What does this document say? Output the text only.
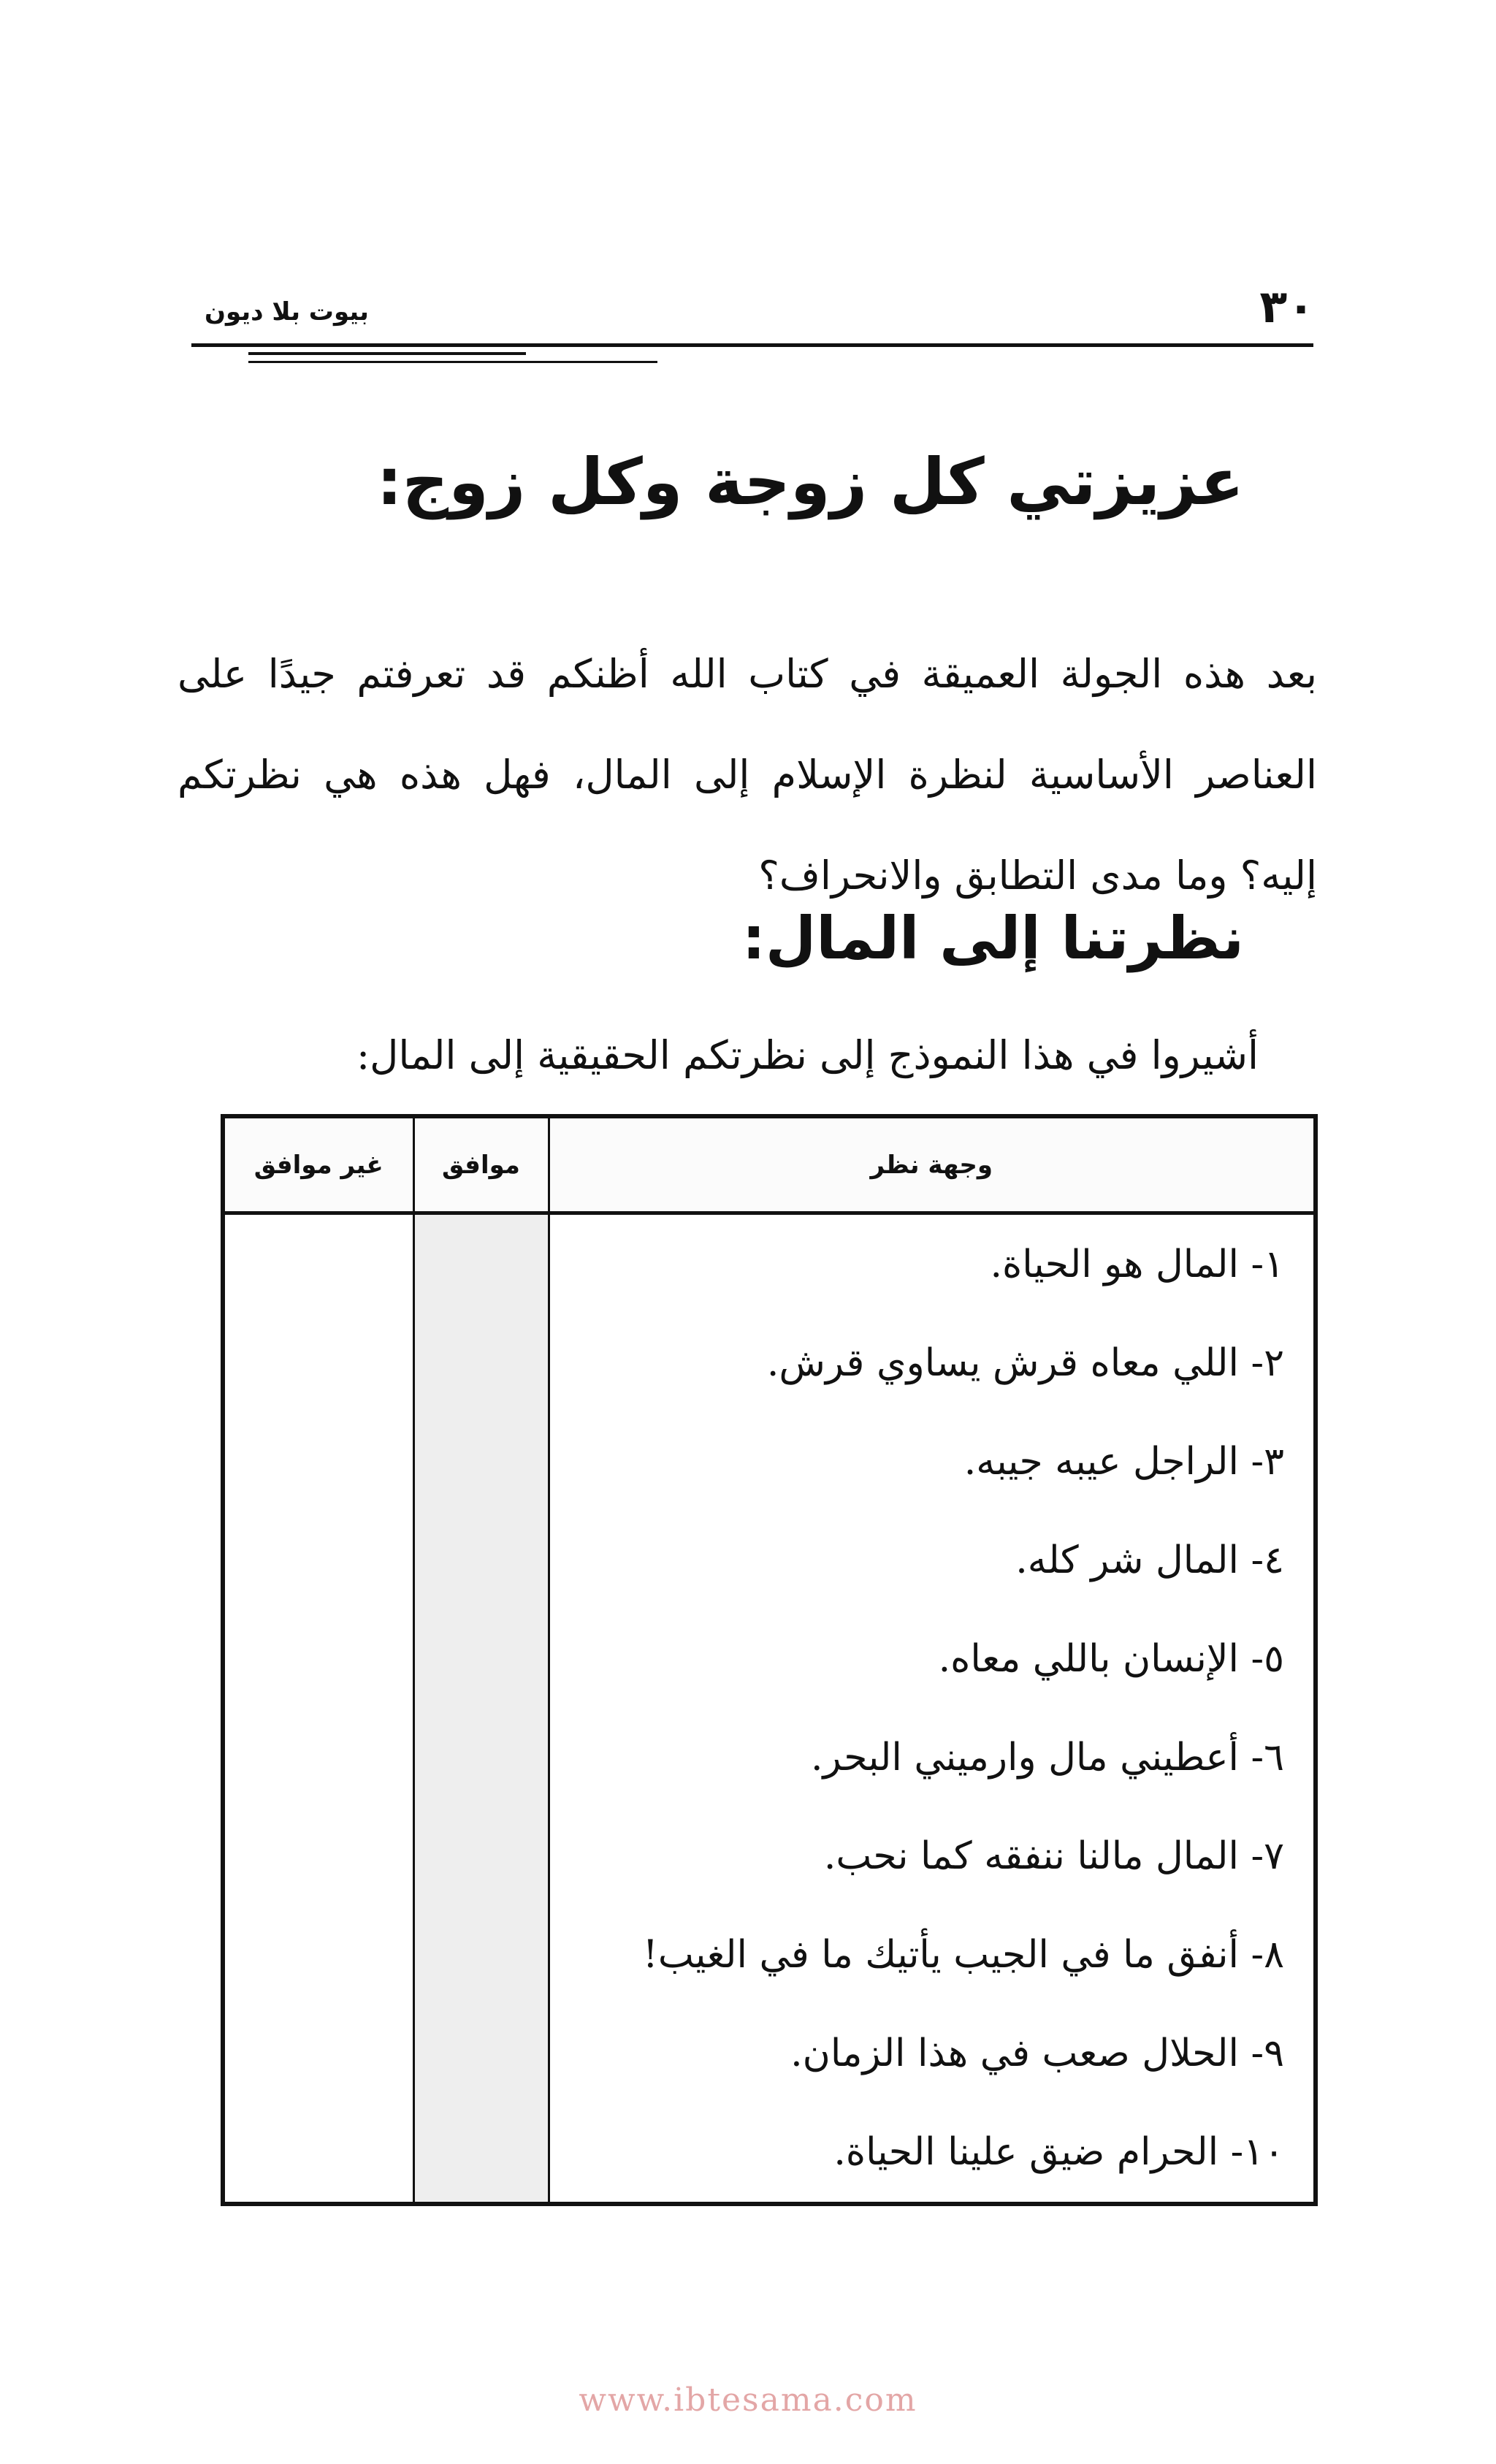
٣٠
بيوت بلا ديون
عزيزتي كل زوجة وكل زوج:

بعد هذه الجولة العميقة في كتاب الله أظنكم قد تعرفتم جيدًا على العناصر الأساسية لنظرة الإسلام إلى المال، فهل هذه هي نظرتكم إليه؟ وما مدى التطابق والانحراف؟

نظرتنا إلى المال:
أشيروا في هذا النموذج إلى نظرتكم الحقيقية إلى المال:
وجهة نظر	موافق	غير موافق
١- المال هو الحياة.		
٢- اللي معاه قرش يساوي قرش.		
٣- الراجل عيبه جيبه.		
٤- المال شر كله.		
٥- الإنسان باللي معاه.		
٦- أعطيني مال وارميني البحر.		
٧- المال مالنا ننفقه كما نحب.		
٨- أنفق ما في الجيب يأتيك ما في الغيب!		
٩- الحلال صعب في هذا الزمان.		
١٠- الحرام ضيق علينا الحياة.		
www.ibtesama.com
